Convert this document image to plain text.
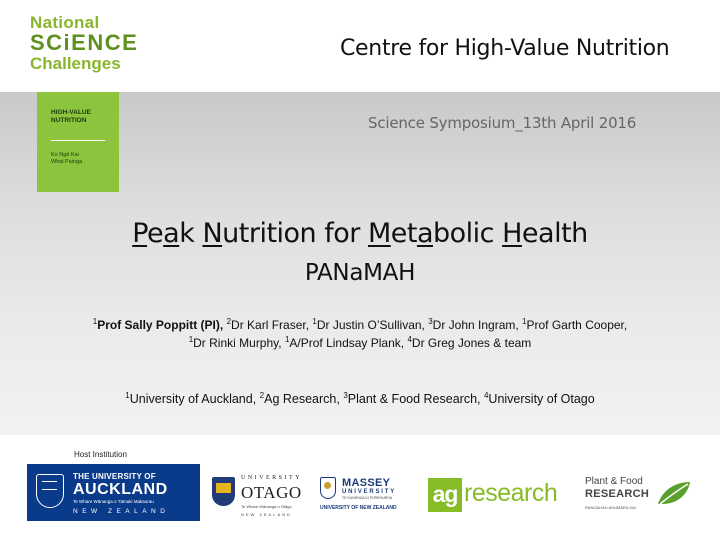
National
SCiENCE
Challenges
Centre for High-Value Nutrition
HIGH-VALUE
NUTRITION
Ko Ngā Kai
Whai Painga
Science Symposium_13th April 2016
Peak Nutrition for Metabolic Health
PANaMAH
$^1$Prof Sally Poppitt (PI), $^2$Dr Karl Fraser, $^1$Dr Justin O’Sullivan, $^3$Dr John Ingram, $^1$Prof Garth Cooper,
$^1$Dr Rinki Murphy, $^1$A/Prof Lindsay Plank, $^4$Dr Greg Jones & team
$^1$University of Auckland, $^2$Ag Research, $^3$Plant & Food Research, $^4$University of Otago
Host Institution
THE UNIVERSITY OF
AUCKLAND
Te Whare Wānanga o Tāmaki Makaurau
NEW ZEALAND
UNIVERSITY
OTAGO
Te Whare Wānanga o Otāgo
NEW ZEALAND
MASSEY
UNIVERSITY
TE KUNENGA KI PŪREHUROA
UNIVERSITY OF NEW ZEALAND
ag research	Plant & Food
RESEARCH
RANGAHAU AHUMĀRA KAI
